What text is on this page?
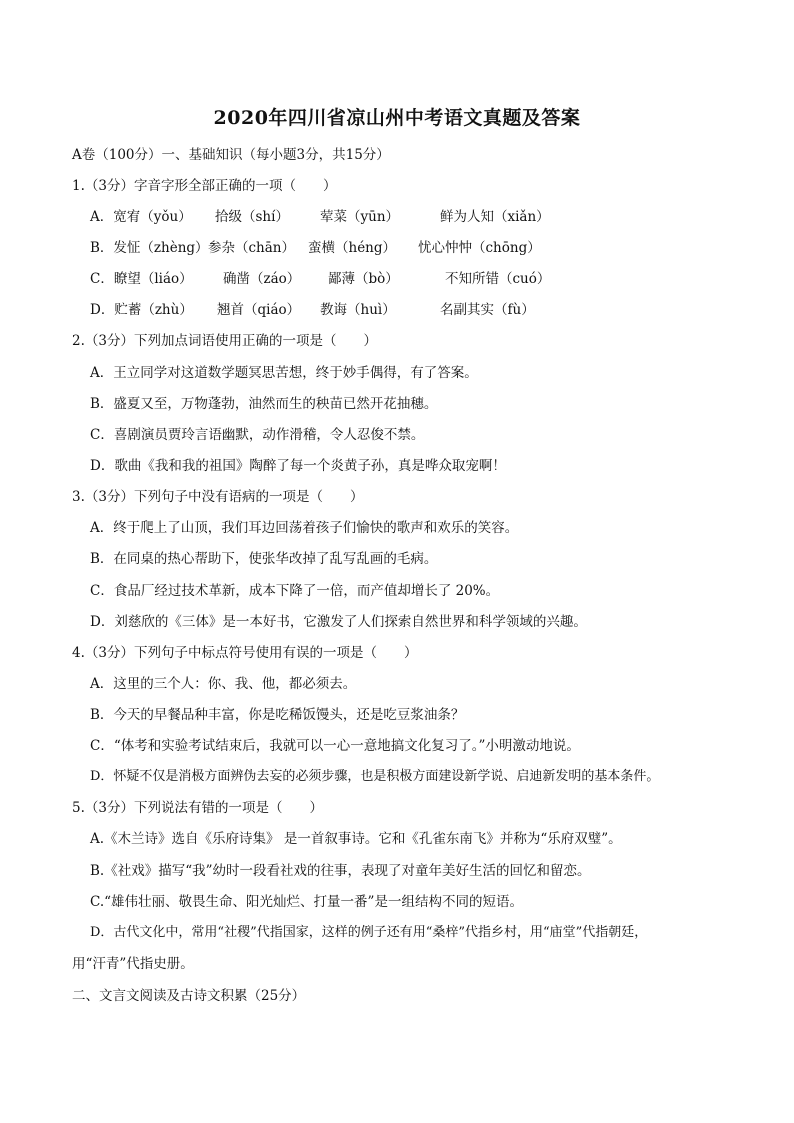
2020年四川省凉山州中考语文真题及答案
A卷（100分）一、基础知识（每小题3分，共15分）
1.（3分）字音字形全部正确的一项（　　）
A．宽宥（yǒu） 拾级（shí） 荤菜（yūn）	鲜为人知（xiǎn）
B．发怔（zhèng） 参杂（chān） 蛮横（héng） 忧心忡忡（chōng）
C．瞭望（liáo） 确凿（záo） 鄙薄（bò）	不知所错（cuó）
D．贮蓄（zhù） 翘首（qiáo） 教诲（huì）	名副其实（fù）
2.（3分）下列加点词语使用正确的一项是（　　）
A．王立同学对这道数学题冥思苦想，终于妙手偶得，有了答案。
B．盛夏又至，万物蓬勃，油然而生的秧苗已然开花抽穗。
C．喜剧演员贾玲言语幽默，动作滑稽，令人忍俊不禁。
D．歌曲《我和我的祖国》陶醉了每一个炎黄子孙，真是哗众取宠啊！
3.（3分）下列句子中没有语病的一项是（　　）
A．终于爬上了山顶，我们耳边回荡着孩子们愉快的歌声和欢乐的笑容。
B．在同桌的热心帮助下，使张华改掉了乱写乱画的毛病。
C．食品厂经过技术革新，成本下降了一倍，而产值却增长了 20%。
D．刘慈欣的《三体》是一本好书，它激发了人们探索自然世界和科学领域的兴趣。
4.（3分）下列句子中标点符号使用有误的一项是（　　）
A．这里的三个人：你、我、他，都必须去。
B．今天的早餐品种丰富，你是吃稀饭馒头，还是吃豆浆油条？
C．“体考和实验考试结束后，我就可以一心一意地搞文化复习了。”小明激动地说。
D．怀疑不仅是消极方面辨伪去妄的必须步骤，也是积极方面建设新学说、启迪新发明的基本条件。
5.（3分）下列说法有错的一项是（　　）
A.《木兰诗》选自《乐府诗集》 是一首叙事诗。它和《孔雀东南飞》并称为“乐府双璧”。
B.《社戏》描写“我”幼时一段看社戏的往事，表现了对童年美好生活的回忆和留恋。
C.“雄伟壮丽、敬畏生命、阳光灿烂、打量一番”是一组结构不同的短语。
D．古代文化中，常用“社稷”代指国家，这样的例子还有用“桑梓”代指乡村，用“庙堂”代指朝廷，
用“汗青”代指史册。
二、文言文阅读及古诗文积累（25分）
